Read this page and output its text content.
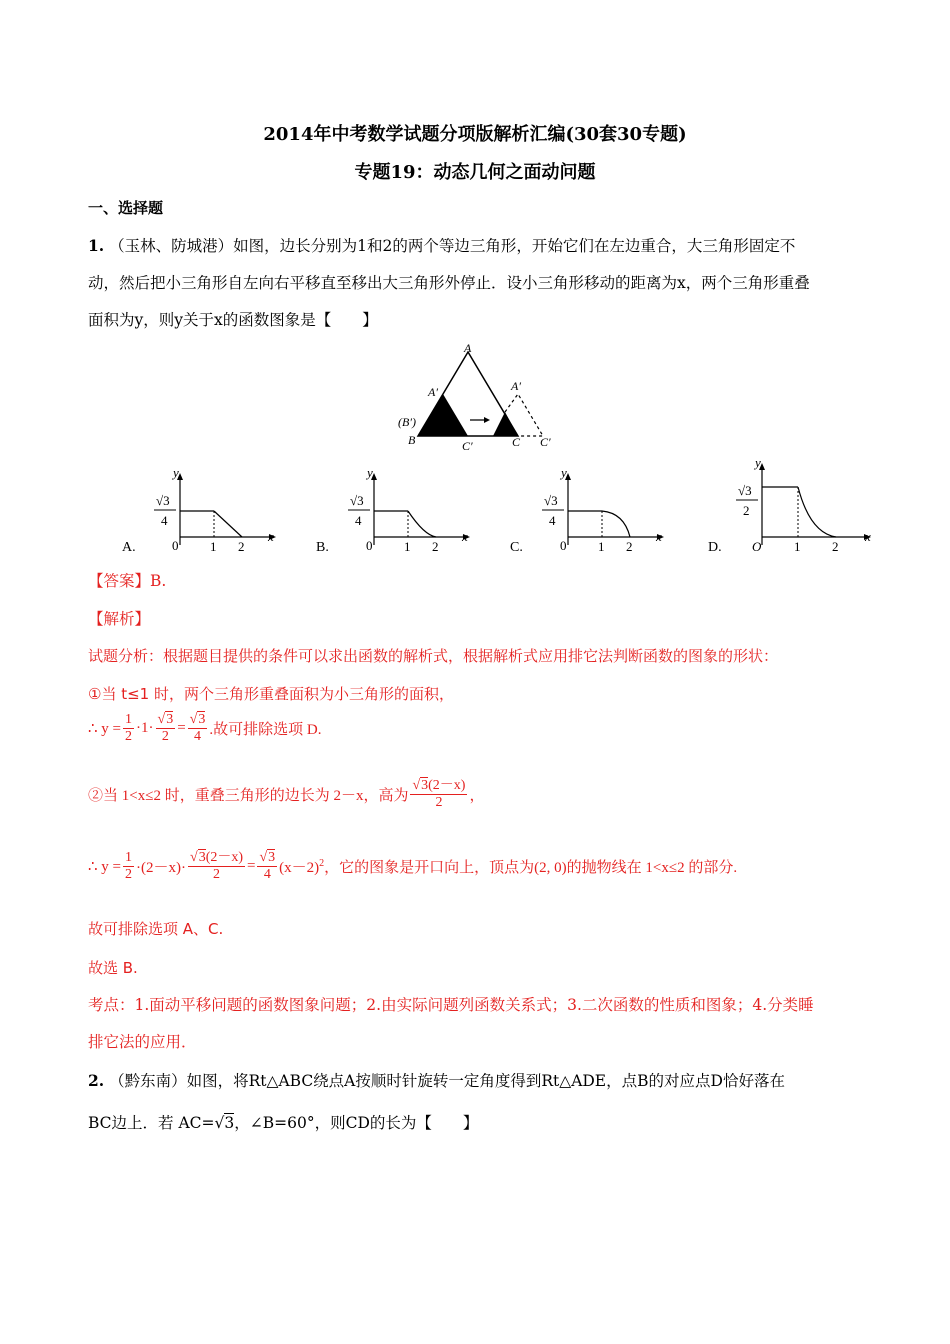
2014年中考数学试题分项版解析汇编(30套30专题)
专题19：动态几何之面动问题
一、选择题
1. （玉林、防城港）如图，边长分别为1和2的两个等边三角形，开始它们在左边重合，大三角形固定不
动，然后把小三角形自左向右平移直至移出大三角形外停止．设小三角形移动的距离为x，两个三角形重叠
面积为y，则y关于x的函数图象是【　　】
A
A′	A′
(B′)
B	C′	C C′
y
√3
4
A.	0 1 2
x
y
√3
4
B.	0 1 2
x
y
√3
4
C.	0 1 2
x
y
√3
2
D. O	1 2
x
【答案】B.
【解析】
试题分析：根据题目提供的条件可以求出函数的解析式，根据解析式应用排它法判断函数的图象的形状：
①当 t≤1 时，两个三角形重叠面积为小三角形的面积，
∴ $y = \frac{1}{2} \cdot 1\cdot \frac{√3}{2} = \frac{√3}{4}$ .故可排除选项 D.
②当 1<x≤2 时，重叠三角形的边长为 2－x，高为 $\frac{√3(2-x)}{2}$ ，
∴ $y = \frac{1}{2} \cdot(2-x)\cdot \frac{√3(2-x)}{2} = \frac{√3}{4} (x-2)^2$ ，它的图象是开口向上，顶点为(2, 0)的抛物线在 1<x≤2 的部分.
故可排除选项 A、C.
故选 B.
考点：1.面动平移问题的函数图象问题；2.由实际问题列函数关系式；3.二次函数的性质和图象；4.分类睡
排它法的应用．
2. （黔东南）如图，将Rt△ABC绕点A按顺时针旋转一定角度得到Rt△ADE，点B的对应点D恰好落在
BC边上．若 AC=√3，∠B=60°，则CD的长为【　　】
